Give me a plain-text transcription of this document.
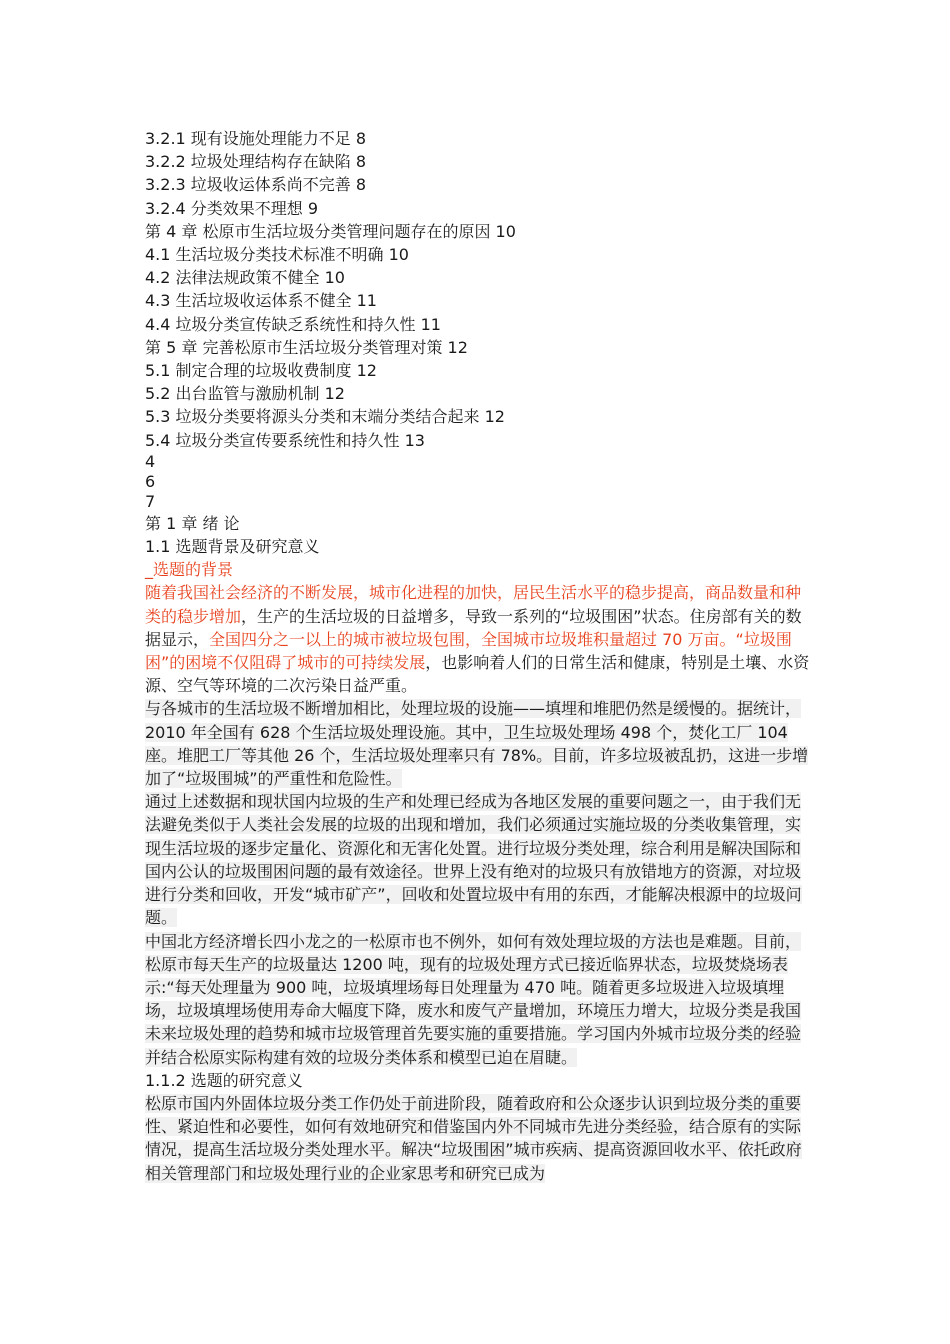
3.2.1 现有设施处理能力不足 8
3.2.2 垃圾处理结构存在缺陷 8
3.2.3 垃圾收运体系尚不完善 8
3.2.4 分类效果不理想 9
第 4 章 松原市生活垃圾分类管理问题存在的原因 10
4.1 生活垃圾分类技术标准不明确 10
4.2 法律法规政策不健全 10
4.3 生活垃圾收运体系不健全 11
4.4 垃圾分类宣传缺乏系统性和持久性 11
第 5 章 完善松原市生活垃圾分类管理对策 12
5.1 制定合理的垃圾收费制度 12
5.2 出台监管与激励机制 12
5.3 垃圾分类要将源头分类和末端分类结合起来 12
5.4 垃圾分类宣传要系统性和持久性 13
4
6
7
第 1 章 绪 论
1.1 选题背景及研究意义
_选题的背景
随着我国社会经济的不断发展，城市化进程的加快，居民生活水平的稳步提高，商品数量和种类的稳步增加，生产的生活垃圾的日益增多，导致一系列的“垃圾围困”状态。住房部有关的数据显示，全国四分之一以上的城市被垃圾包围，全国城市垃圾堆积量超过 70 万亩。“垃圾围困”的困境不仅阻碍了城市的可持续发展，也影响着人们的日常生活和健康，特别是土壤、水资源、空气等环境的二次污染日益严重。
与各城市的生活垃圾不断增加相比，处理垃圾的设施——填埋和堆肥仍然是缓慢的。据统计，2010 年全国有 628 个生活垃圾处理设施。其中，卫生垃圾处理场 498 个，焚化工厂 104 座。堆肥工厂等其他 26 个，生活垃圾处理率只有 78%。目前，许多垃圾被乱扔，这进一步增加了“垃圾围城”的严重性和危险性。
通过上述数据和现状国内垃圾的生产和处理已经成为各地区发展的重要问题之一，由于我们无法避免类似于人类社会发展的垃圾的出现和增加，我们必须通过实施垃圾的分类收集管理，实现生活垃圾的逐步定量化、资源化和无害化处置。进行垃圾分类处理，综合利用是解决国际和国内公认的垃圾围困问题的最有效途径。世界上没有绝对的垃圾只有放错地方的资源，对垃圾进行分类和回收，开发“城市矿产”，回收和处置垃圾中有用的东西，才能解决根源中的垃圾问题。
中国北方经济增长四小龙之的一松原市也不例外，如何有效处理垃圾的方法也是难题。目前，松原市每天生产的垃圾量达 1200 吨，现有的垃圾处理方式已接近临界状态，垃圾焚烧场表示:“每天处理量为 900 吨，垃圾填埋场每日处理量为 470 吨。随着更多垃圾进入垃圾填埋场，垃圾填埋场使用寿命大幅度下降，废水和废气产量增加，环境压力增大，垃圾分类是我国未来垃圾处理的趋势和城市垃圾管理首先要实施的重要措施。学习国内外城市垃圾分类的经验并结合松原实际构建有效的垃圾分类体系和模型已迫在眉睫。
1.1.2 选题的研究意义
松原市国内外固体垃圾分类工作仍处于前进阶段，随着政府和公众逐步认识到垃圾分类的重要性、紧迫性和必要性，如何有效地研究和借鉴国内外不同城市先进分类经验，结合原有的实际情况，提高生活垃圾分类处理水平。解决“垃圾围困”城市疾病、提高资源回收水平、依托政府相关管理部门和垃圾处理行业的企业家思考和研究已成为
